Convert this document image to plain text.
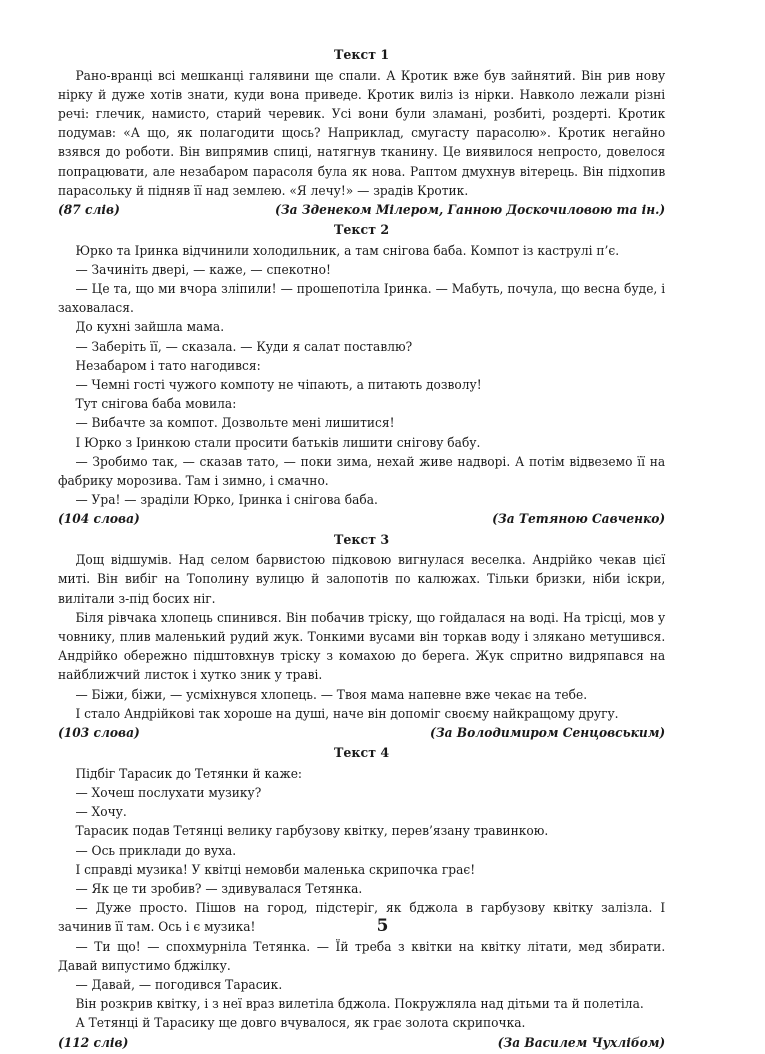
Текст 1

Рано-вранці всі мешканці галявини ще спали. А Кротик вже був зайнятий. Він рив нову нірку й дуже хотів знати, куди вона приведе. Кротик виліз із нірки. Навколо лежали різні речі: глечик, намисто, старий черевик. Усі вони були зламані, розбиті, роздерті. Кротик подумав: «А що, як полагодити щось? Наприклад, смугасту парасолю». Кротик негайно взявся до роботи. Він випрямив спиці, натягнув тканину. Це виявилося непросто, довелося попрацювати, але незабаром парасоля була як нова. Раптом дмухнув вітерець. Він підхопив парасольку й підняв її над землею. «Я лечу!» — зрадів Кротик.

(87 слів)	(За Зденеком Мілером, Ганною Доскочиловою та ін.)
Текст 2

Юрко та Іринка відчинили холодильник, а там снігова баба. Компот із каструлі п’є.

— Зачиніть двері, — каже, — спекотно!

— Це та, що ми вчора зліпили! — прошепотіла Іринка. — Мабуть, почула, що весна буде, і заховалася.

До кухні зайшла мама.

— Заберіть її, — сказала. — Куди я салат поставлю?

Незабаром і тато нагодився:

— Чемні гості чужого компоту не чіпають, а питають дозволу!

Тут снігова баба мовила:

— Вибачте за компот. Дозвольте мені лишитися!

І Юрко з Іринкою стали просити батьків лишити снігову бабу.

— Зробимо так, — сказав тато, — поки зима, нехай живе надворі. А потім відвеземо її на фабрику морозива. Там і зимно, і смачно.

— Ура! — зраділи Юрко, Іринка і снігова баба.

(104 слова)	(За Тетяною Савченко)
Текст 3

Дощ відшумів. Над селом барвистою підковою вигнулася веселка. Андрійко чекав цієї миті. Він вибіг на Тополину вулицю й залопотів по калюжах. Тільки бризки, ніби іскри, вилітали з-під босих ніг.

Біля рівчака хлопець спинився. Він побачив тріску, що гойдалася на воді. На трісці, мов у човнику, плив маленький рудий жук. Тонкими вусами він торкав воду і злякано метушився. Андрійко обережно підштовхнув тріску з комахою до берега. Жук спритно видряпався на найближчий листок і хутко зник у траві.

— Біжи, біжи, — усміхнувся хлопець. — Твоя мама напевне вже чекає на тебе.

І стало Андрійкові так хороше на душі, наче він допоміг своєму найкращому другу.

(103 слова)	(За Володимиром Сенцовським)
Текст 4

Підбіг Тарасик до Тетянки й каже:

— Хочеш послухати музику?

— Хочу.

Тарасик подав Тетянці велику гарбузову квітку, перев’язану травинкою.

— Ось приклади до вуха.

І справді музика! У квітці немовби маленька скрипочка грає!

— Як це ти зробив? — здивувалася Тетянка.

— Дуже просто. Пішов на город, підстеріг, як бджола в гарбузову квітку залізла. І зачинив її там. Ось і є музика!

— Ти що! — спохмурніла Тетянка. — Їй треба з квітки на квітку літати, мед збирати. Давай випустимо бджілку.

— Давай, — погодився Тарасик.

Він розкрив квітку, і з неї враз вилетіла бджола. Покружляла над дітьми та й полетіла.

А Тетянці й Тарасику ще довго вчувалося, як грає золота скрипочка.

(112 слів)	(За Василем Чухлібом)
5
